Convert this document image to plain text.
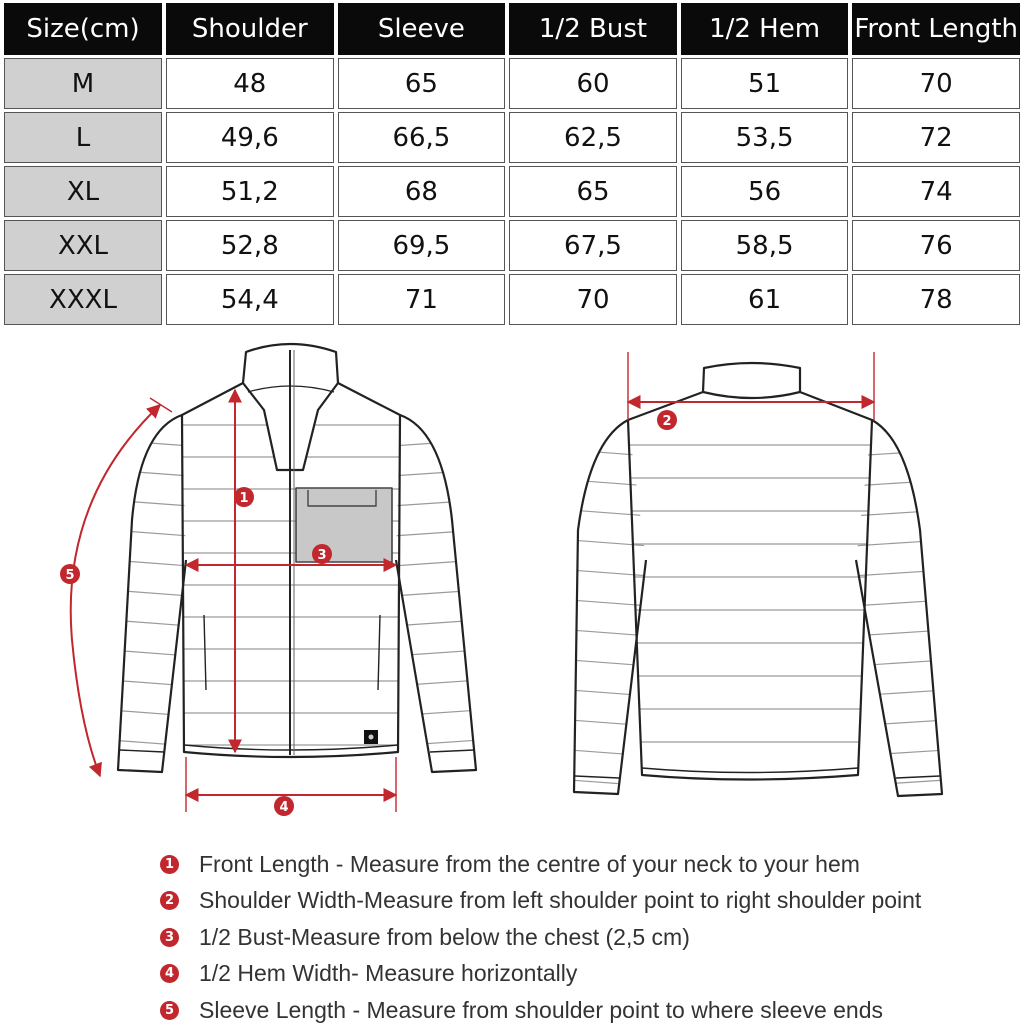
Size(cm)	Shoulder	Sleeve	1/2 Bust	1/2 Hem	Front Length
M	48	65	60	51	70
L	49,6	66,5	62,5	53,5	72
XL	51,2	68	65	56	74
XXL	52,8	69,5	67,5	58,5	76
XXXL	54,4	71	70	61	78
1
2
3
4
5
1 Front Length - Measure from the centre of your neck to your hem
2 Shoulder Width-Measure from left shoulder point to right shoulder point
3 1/2 Bust-Measure from below the chest (2,5 cm)
4 1/2 Hem Width- Measure horizontally
5 Sleeve Length - Measure from shoulder point to where sleeve ends
